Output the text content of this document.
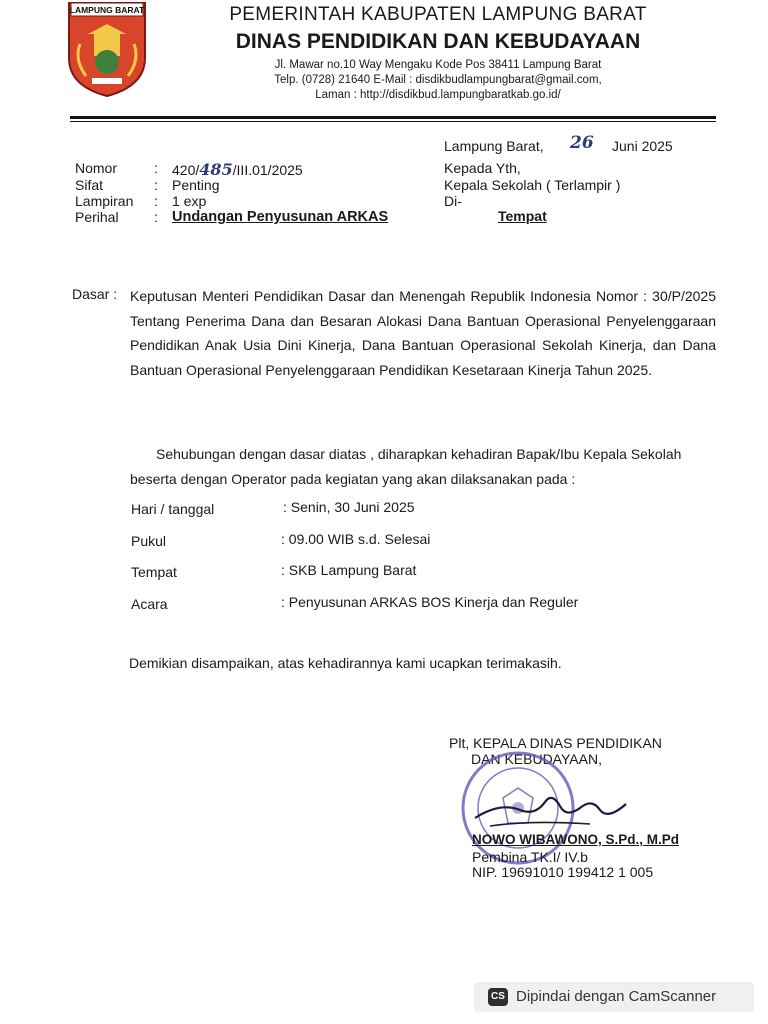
LAMPUNG BARAT	PEMERINTAH KABUPATEN LAMPUNG BARAT
DINAS PENDIDIKAN DAN KEBUDAYAAN
Jl. Mawar no.10 Way Mengaku Kode Pos 38411 Lampung Barat
Telp. (0728) 21640 E-Mail : disdikbudlampungbarat@gmail.com,
Laman : http://disdikbud.lampungbaratkab.go.id/
Lampung Barat, 26 Juni 2025
Nomor	: 420/485/III.01/2025
Sifat	: Penting
Lampiran	: 1 exp
Perihal	: Undangan Penyusunan ARKAS
Kepada Yth,
Kepala Sekolah ( Terlampir )
Di-
Tempat
Dasar : Keputusan Menteri Pendidikan Dasar dan Menengah Republik Indonesia Nomor : 30/P/2025 Tentang Penerima Dana dan Besaran Alokasi Dana Bantuan Operasional Penyelenggaraan Pendidikan Anak Usia Dini Kinerja, Dana Bantuan Operasional Sekolah Kinerja, dan Dana Bantuan Operasional Penyelenggaraan Pendidikan Kesetaraan Kinerja Tahun 2025.
Sehubungan dengan dasar diatas , diharapkan kehadiran Bapak/Ibu Kepala Sekolah beserta dengan Operator pada kegiatan yang akan dilaksanakan pada :
Hari / tanggal	: Senin, 30 Juni 2025
Pukul	: 09.00 WIB s.d. Selesai
Tempat	: SKB Lampung Barat
Acara	: Penyusunan ARKAS BOS Kinerja dan Reguler
Demikian disampaikan, atas kehadirannya kami ucapkan terimakasih.
Plt, KEPALA DINAS PENDIDIKAN
DAN KEBUDAYAAN,
NOWO WIBAWONO, S.Pd., M.Pd
Pembina TK.I/ IV.b
NIP. 19691010 199412 1 005
CS Dipindai dengan CamScanner
